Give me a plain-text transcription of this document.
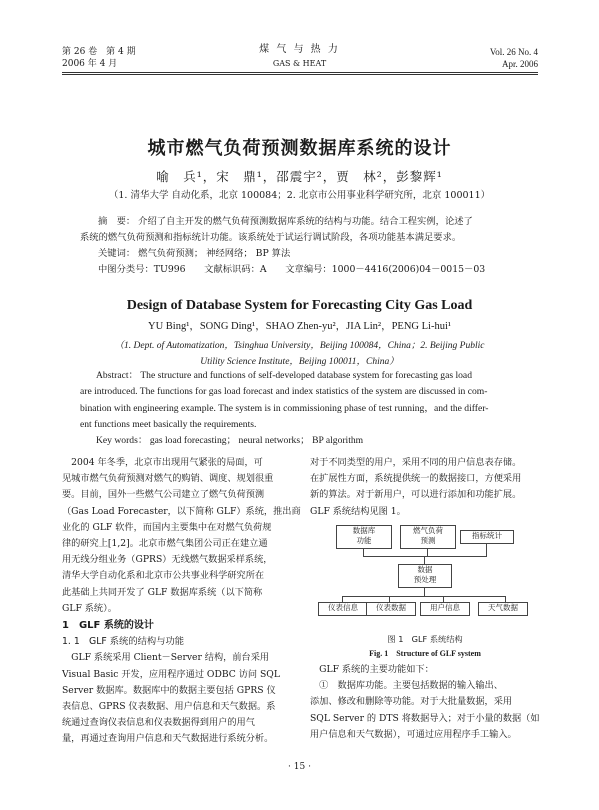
第 26 卷　第 4 期
2006 年 4 月
煤 气 与 热 力
GAS & HEAT
Vol. 26 No. 4
Apr. 2006
城市燃气负荷预测数据库系统的设计
喻　兵¹，宋　鼎¹，邵震宇²，贾　林²，彭黎辉¹
（1. 清华大学 自动化系，北京 100084；2. 北京市公用事业科学研究所，北京 100011）
摘　要： 介绍了自主开发的燃气负荷预测数据库系统的结构与功能。结合工程实例，论述了
系统的燃气负荷预测和指标统计功能。该系统处于试运行调试阶段，各项功能基本满足要求。
关键词： 燃气负荷预测； 神经网络； BP 算法
中图分类号：TU996　　文献标识码：A　　文章编号：1000－4416(2006)04－0015－03
Design of Database System for Forecasting City Gas Load
YU Bing¹，SONG Ding¹，SHAO Zhen-yu²，JIA Lin²，PENG Li-hui¹
（1. Dept. of Automatization，Tsinghua University，Beijing 100084，China；2. Beijing Public
Utility Science Institute，Beijing 100011，China）
Abstract： The structure and functions of self-developed database system for forecasting gas load
are introduced. The functions for gas load forecast and index statistics of the system are discussed in com-
bination with engineering example. The system is in commissioning phase of test running，and the differ-
ent functions meet basically the requirements.
Key words： gas load forecasting； neural networks； BP algorithm

　2004 年冬季，北京市出现用气紧张的局面，可

见城市燃气负荷预测对燃气的购销、调度、规划很重

要。目前，国外一些燃气公司建立了燃气负荷预测

（Gas Load Forecaster，以下简称 GLF）系统，推出商

业化的 GLF 软件，而国内主要集中在对燃气负荷规

律的研究上[1,2]。北京市燃气集团公司正在建立通

用无线分组业务（GPRS）无线燃气数据采样系统，

清华大学自动化系和北京市公共事业科学研究所在

此基础上共同开发了 GLF 数据库系统（以下简称

GLF 系统）。

1　GLF 系统的设计

1. 1　GLF 系统的结构与功能

　GLF 系统采用 Client－Server 结构，前台采用

Visual Basic 开发，应用程序通过 ODBC 访问 SQL

Server 数据库。数据库中的数据主要包括 GPRS 仪

表信息、GPRS 仪表数据、用户信息和天气数据。系

统通过查询仪表信息和仪表数据得到用户的用气

量，再通过查询用户信息和天气数据进行系统分析。

对于不同类型的用户，采用不同的用户信息表存储。

在扩展性方面，系统提供统一的数据接口，方便采用

新的算法。对于新用户，可以进行添加和功能扩展。

GLF 系统结构见图 1。

数据库
功能
燃气负荷
预测
指标统计
数据
预处理
仪表信息	仪表数据	用户信息	天气数据
图 1　GLF 系统结构
Fig. 1　Structure of GLF system

　GLF 系统的主要功能如下：

　①　数据库功能。主要包括数据的输入输出、

添加、修改和删除等功能。对于大批量数据，采用

SQL Server 的 DTS 将数据导入；对于小量的数据（如

用户信息和天气数据），可通过应用程序手工输入。

· 15 ·
